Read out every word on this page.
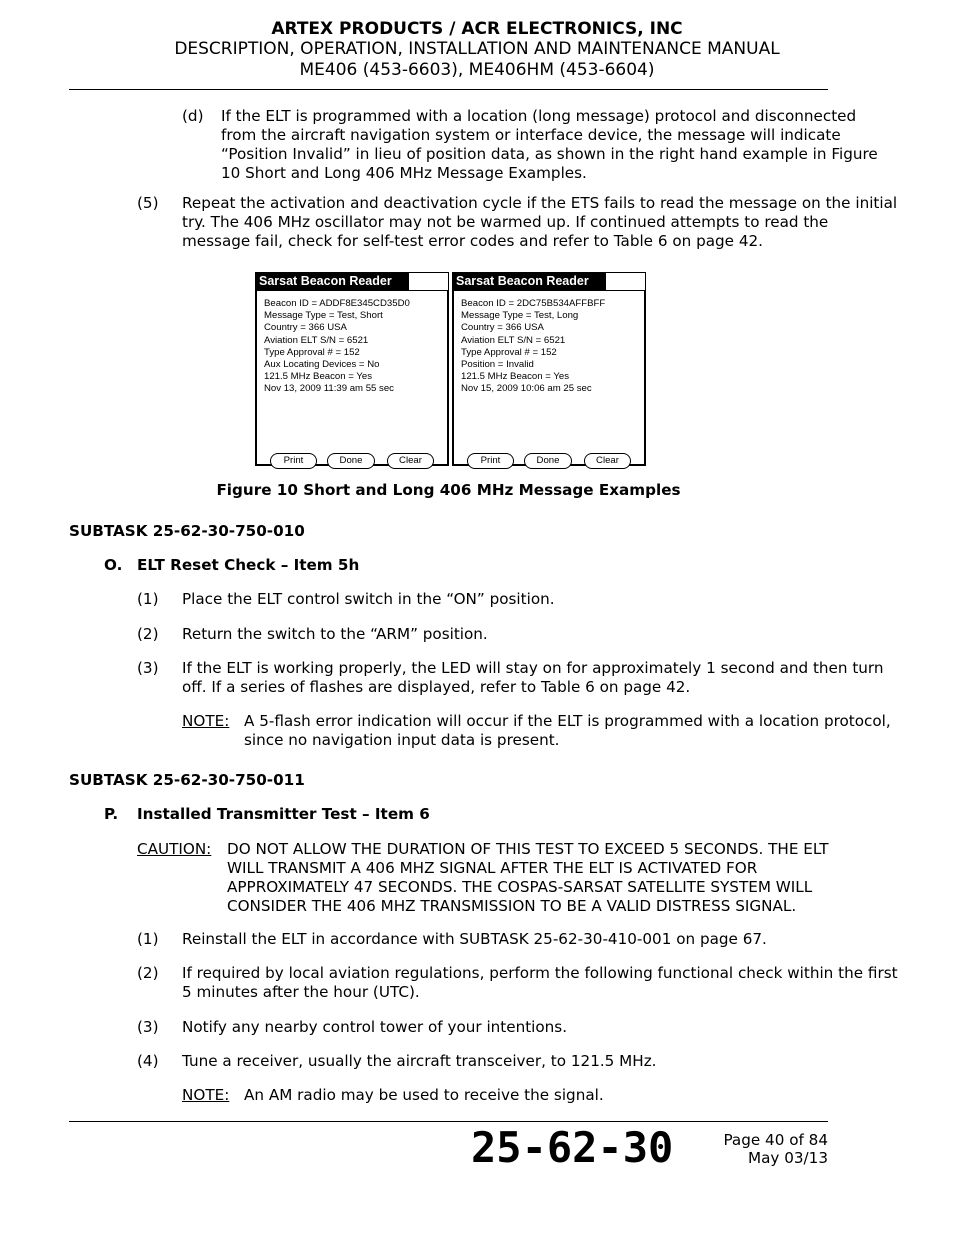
ARTEX PRODUCTS / ACR ELECTRONICS, INC
DESCRIPTION, OPERATION, INSTALLATION AND MAINTENANCE MANUAL
ME406 (453-6603), ME406HM (453-6604)
(d) If the ELT is programmed with a location (long message) protocol and disconnected
from the aircraft navigation system or interface device, the message will indicate
“Position Invalid” in lieu of position data, as shown in the right hand example in Figure
10 Short and Long 406 MHz Message Examples.
(5) Repeat the activation and deactivation cycle if the ETS fails to read the message on the initial
try. The 406 MHz oscillator may not be warmed up. If continued attempts to read the
message fail, check for self-test error codes and refer to Table 6 on page 42.
Sarsat Beacon Reader
Beacon ID = ADDF8E345CD35D0
Message Type = Test, Short
Country = 366 USA
Aviation ELT S/N = 6521
Type Approval # = 152
Aux Locating Devices = No
121.5 MHz Beacon = Yes
Nov 13, 2009 11:39 am 55 sec
Print	Done	Clear
Sarsat Beacon Reader
Beacon ID = 2DC75B534AFFBFF
Message Type = Test, Long
Country = 366 USA
Aviation ELT S/N = 6521
Type Approval # = 152
Position = Invalid
121.5 MHz Beacon = Yes
Nov 15, 2009 10:06 am 25 sec
Print	Done	Clear
Figure 10 Short and Long 406 MHz Message Examples
SUBTASK 25-62-30-750-010
O. ELT Reset Check – Item 5h
(1) Place the ELT control switch in the “ON” position.
(2) Return the switch to the “ARM” position.
(3) If the ELT is working properly, the LED will stay on for approximately 1 second and then turn
off. If a series of flashes are displayed, refer to Table 6 on page 42.
NOTE: A 5-flash error indication will occur if the ELT is programmed with a location protocol,
since no navigation input data is present.
SUBTASK 25-62-30-750-011
P. Installed Transmitter Test – Item 6
CAUTION: DO NOT ALLOW THE DURATION OF THIS TEST TO EXCEED 5 SECONDS. THE ELT
WILL TRANSMIT A 406 MHZ SIGNAL AFTER THE ELT IS ACTIVATED FOR
APPROXIMATELY 47 SECONDS. THE COSPAS-SARSAT SATELLITE SYSTEM WILL
CONSIDER THE 406 MHZ TRANSMISSION TO BE A VALID DISTRESS SIGNAL.
(1) Reinstall the ELT in accordance with SUBTASK 25-62-30-410-001 on page 67.
(2) If required by local aviation regulations, perform the following functional check within the first
5 minutes after the hour (UTC).
(3) Notify any nearby control tower of your intentions.
(4) Tune a receiver, usually the aircraft transceiver, to 121.5 MHz.
NOTE: An AM radio may be used to receive the signal.
25-62-30	Page 40 of 84
May 03/13
